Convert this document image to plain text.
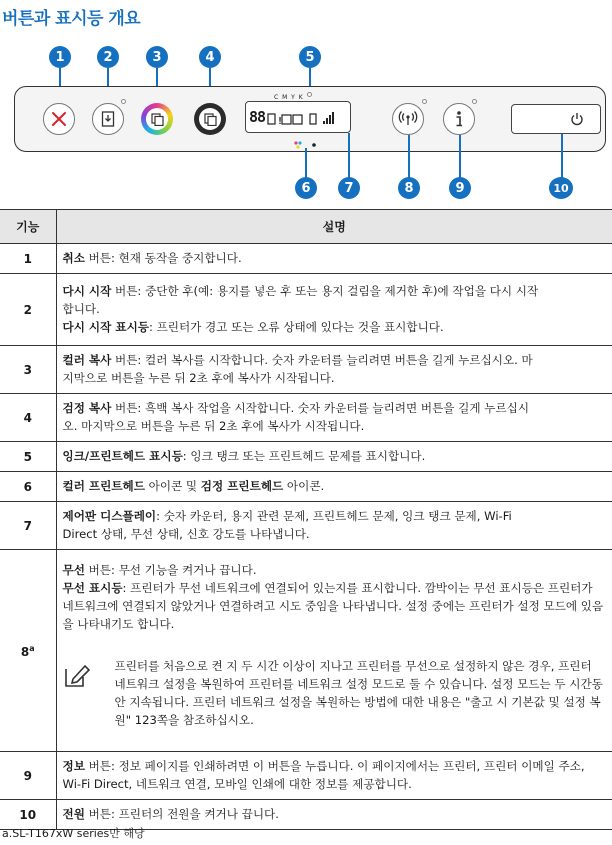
버튼과 표시등 개요
1	2	3	4	5
88 !
C M Y K
6	7	8	9	10
기능	설명
1	취소 버튼: 현재 동작을 중지합니다.

2	다시 시작 버튼: 중단한 후(예: 용지를 넣은 후 또는 용지 걸림을 제거한 후)에 작업을 다시 시작합니다.

다시 시작 표시등: 프린터가 경고 또는 오류 상태에 있다는 것을 표시합니다.

3	컬러 복사 버튼: 컬러 복사를 시작합니다. 숫자 카운터를 늘리려면 버튼을 길게 누르십시오. 마지막으로 버튼을 누른 뒤 2초 후에 복사가 시작됩니다.

4	검정 복사 버튼: 흑백 복사 작업을 시작합니다. 숫자 카운터를 늘리려면 버튼을 길게 누르십시오. 마지막으로 버튼을 누른 뒤 2초 후에 복사가 시작됩니다.

5	잉크/프린트헤드 표시등: 잉크 탱크 또는 프린트헤드 문제를 표시합니다.

6	컬러 프린트헤드 아이콘 및 검정 프린트헤드 아이콘.

7	제어판 디스플레이: 숫자 카운터, 용지 관련 문제, 프린트헤드 문제, 잉크 탱크 문제, Wi-Fi Direct 상태, 무선 상태, 신호 강도를 나타냅니다.

8$^a$	무선 버튼: 무선 기능을 켜거나 끕니다.

무선 표시등: 프린터가 무선 네트워크에 연결되어 있는지를 표시합니다. 깜박이는 무선 표시등은 프린터가 네트워크에 연결되지 않았거나 연결하려고 시도 중임을 나타냅니다. 설정 중에는 프린터가 설정 모드에 있음을 나타내기도 합니다.

프린터를 처음으로 켠 지 두 시간 이상이 지나고 프린터를 무선으로 설정하지 않은 경우, 프린터 네트워크 설정을 복원하여 프린터를 네트워크 설정 모드로 둘 수 있습니다. 설정 모드는 두 시간동안 지속됩니다. 프린터 네트워크 설정을 복원하는 방법에 대한 내용은 "출고 시 기본값 및 설정 복원" 123쪽을 참조하십시오.

9	정보 버튼: 정보 페이지를 인쇄하려면 이 버튼을 누릅니다. 이 페이지에서는 프린터, 프린터 이메일 주소, Wi-Fi Direct, 네트워크 연결, 모바일 인쇄에 대한 정보를 제공합니다.

10	전원 버튼: 프린터의 전원을 켜거나 끕니다.

a.SL-T167xW series만 해당
